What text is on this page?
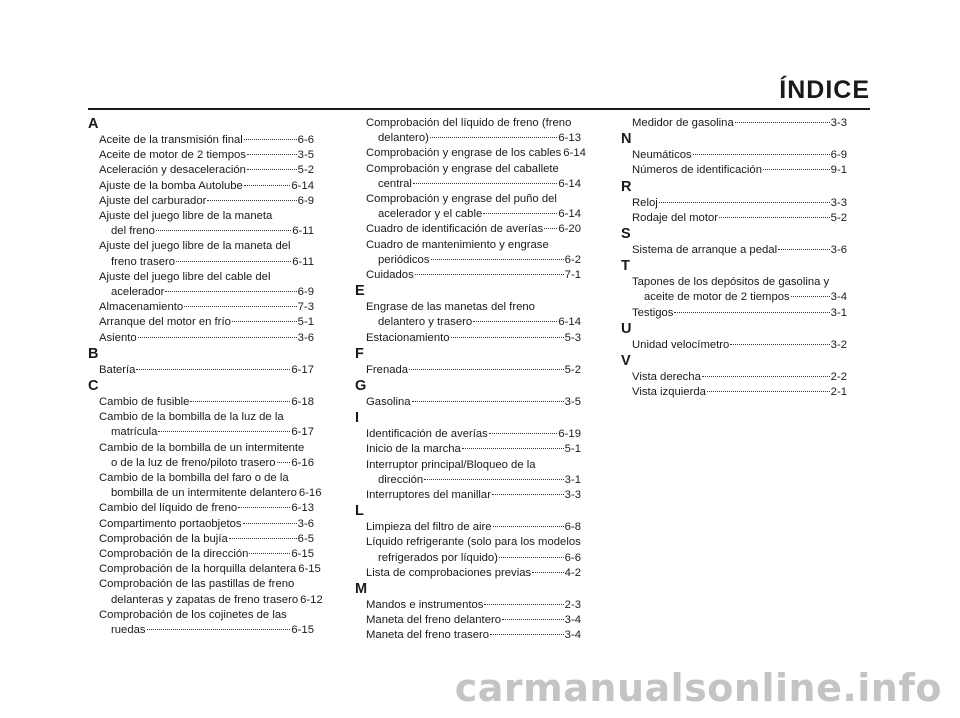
ÍNDICE
A
Aceite de la transmisión final	6-6
Aceite de motor de 2 tiempos	3-5
Aceleración y desaceleración	5-2
Ajuste de la bomba Autolube	6-14
Ajuste del carburador	6-9
Ajuste del juego libre de la maneta
del freno	6-11
Ajuste del juego libre de la maneta del
freno trasero	6-11
Ajuste del juego libre del cable del
acelerador	6-9
Almacenamiento	7-3
Arranque del motor en frío	5-1
Asiento	3-6
B
Batería	6-17
C
Cambio de fusible	6-18
Cambio de la bombilla de la luz de la
matrícula	6-17
Cambio de la bombilla de un intermitente
o de la luz de freno/piloto trasero 6-16
Cambio de la bombilla del faro o de la
bombilla de un intermitente delantero 6-16
Cambio del líquido de freno	6-13
Compartimento portaobjetos	3-6
Comprobación de la bujía	6-5
Comprobación de la dirección	6-15
Comprobación de la horquilla delantera 6-15
Comprobación de las pastillas de freno
delanteras y zapatas de freno trasero 6-12
Comprobación de los cojinetes de las
ruedas	6-15
Comprobación del líquido de freno (freno
delantero)	6-13
Comprobación y engrase de los cables 6-14
Comprobación y engrase del caballete
central	6-14
Comprobación y engrase del puño del
acelerador y el cable	6-14
Cuadro de identificación de averías 6-20
Cuadro de mantenimiento y engrase
periódicos	6-2
Cuidados	7-1
E
Engrase de las manetas del freno
delantero y trasero	6-14
Estacionamiento	5-3
F
Frenada	5-2
G
Gasolina	3-5
I
Identificación de averías	6-19
Inicio de la marcha	5-1
Interruptor principal/Bloqueo de la
dirección	3-1
Interruptores del manillar	3-3
L
Limpieza del filtro de aire	6-8
Líquido refrigerante (solo para los modelos
refrigerados por líquido)	6-6
Lista de comprobaciones previas	4-2
M
Mandos e instrumentos	2-3
Maneta del freno delantero	3-4
Maneta del freno trasero	3-4
Medidor de gasolina	3-3
N
Neumáticos	6-9
Números de identificación	9-1
R
Reloj	3-3
Rodaje del motor	5-2
S
Sistema de arranque a pedal	3-6
T
Tapones de los depósitos de gasolina y
aceite de motor de 2 tiempos	3-4
Testigos	3-1
U
Unidad velocímetro	3-2
V
Vista derecha	2-2
Vista izquierda	2-1
carmanualsonline.info
